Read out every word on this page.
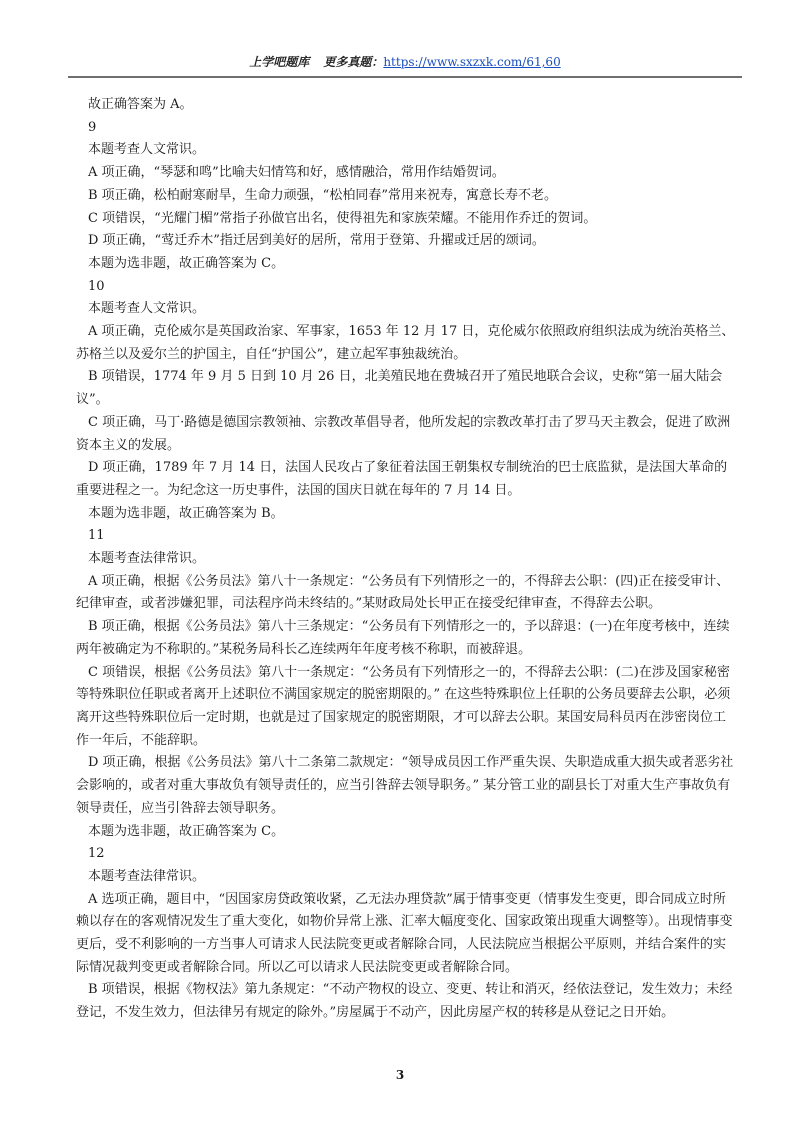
上学吧题库 更多真题：https://www.sxzxk.com/61,60

故正确答案为 A。

9

本题考查人文常识。

A 项正确，“琴瑟和鸣”比喻夫妇情笃和好，感情融洽，常用作结婚贺词。

B 项正确，松柏耐寒耐旱，生命力顽强，“松柏同春”常用来祝寿，寓意长寿不老。

C 项错误，“光耀门楣”常指子孙做官出名，使得祖先和家族荣耀。不能用作乔迁的贺词。

D 项正确，“莺迁乔木”指迁居到美好的居所，常用于登第、升擢或迁居的颂词。

本题为选非题，故正确答案为 C。

10

本题考查人文常识。

A 项正确，克伦威尔是英国政治家、军事家，1653 年 12 月 17 日，克伦威尔依照政府组织法成为统治英格兰、苏格兰以及爱尔兰的护国主，自任“护国公”，建立起军事独裁统治。

B 项错误，1774 年 9 月 5 日到 10 月 26 日，北美殖民地在费城召开了殖民地联合会议，史称“第一届大陆会议”。

C 项正确，马丁·路德是德国宗教领袖、宗教改革倡导者，他所发起的宗教改革打击了罗马天主教会，促进了欧洲资本主义的发展。

D 项正确，1789 年 7 月 14 日，法国人民攻占了象征着法国王朝集权专制统治的巴士底监狱，是法国大革命的重要进程之一。为纪念这一历史事件，法国的国庆日就在每年的 7 月 14 日。

本题为选非题，故正确答案为 B。

11

本题考查法律常识。

A 项正确，根据《公务员法》第八十一条规定：“公务员有下列情形之一的，不得辞去公职：(四)正在接受审计、纪律审查，或者涉嫌犯罪，司法程序尚未终结的。”某财政局处长甲正在接受纪律审查，不得辞去公职。

B 项正确，根据《公务员法》第八十三条规定：“公务员有下列情形之一的，予以辞退：(一)在年度考核中，连续两年被确定为不称职的。”某税务局科长乙连续两年年度考核不称职，而被辞退。

C 项错误，根据《公务员法》第八十一条规定：“公务员有下列情形之一的，不得辞去公职：(二)在涉及国家秘密等特殊职位任职或者离开上述职位不满国家规定的脱密期限的。” 在这些特殊职位上任职的公务员要辞去公职，必须离开这些特殊职位后一定时期，也就是过了国家规定的脱密期限，才可以辞去公职。某国安局科员丙在涉密岗位工作一年后，不能辞职。

D 项正确，根据《公务员法》第八十二条第二款规定：“领导成员因工作严重失误、失职造成重大损失或者恶劣社会影响的，或者对重大事故负有领导责任的，应当引咎辞去领导职务。” 某分管工业的副县长丁对重大生产事故负有领导责任，应当引咎辞去领导职务。

本题为选非题，故正确答案为 C。

12

本题考查法律常识。

A 选项正确，题目中，“因国家房贷政策收紧，乙无法办理贷款”属于情事变更（情事发生变更，即合同成立时所赖以存在的客观情况发生了重大变化，如物价异常上涨、汇率大幅度变化、国家政策出现重大调整等）。出现情事变更后，受不利影响的一方当事人可请求人民法院变更或者解除合同，人民法院应当根据公平原则，并结合案件的实际情况裁判变更或者解除合同。所以乙可以请求人民法院变更或者解除合同。

B 项错误，根据《物权法》第九条规定：“不动产物权的设立、变更、转让和消灭，经依法登记，发生效力；未经登记，不发生效力，但法律另有规定的除外。”房屋属于不动产，因此房屋产权的转移是从登记之日开始。

3
